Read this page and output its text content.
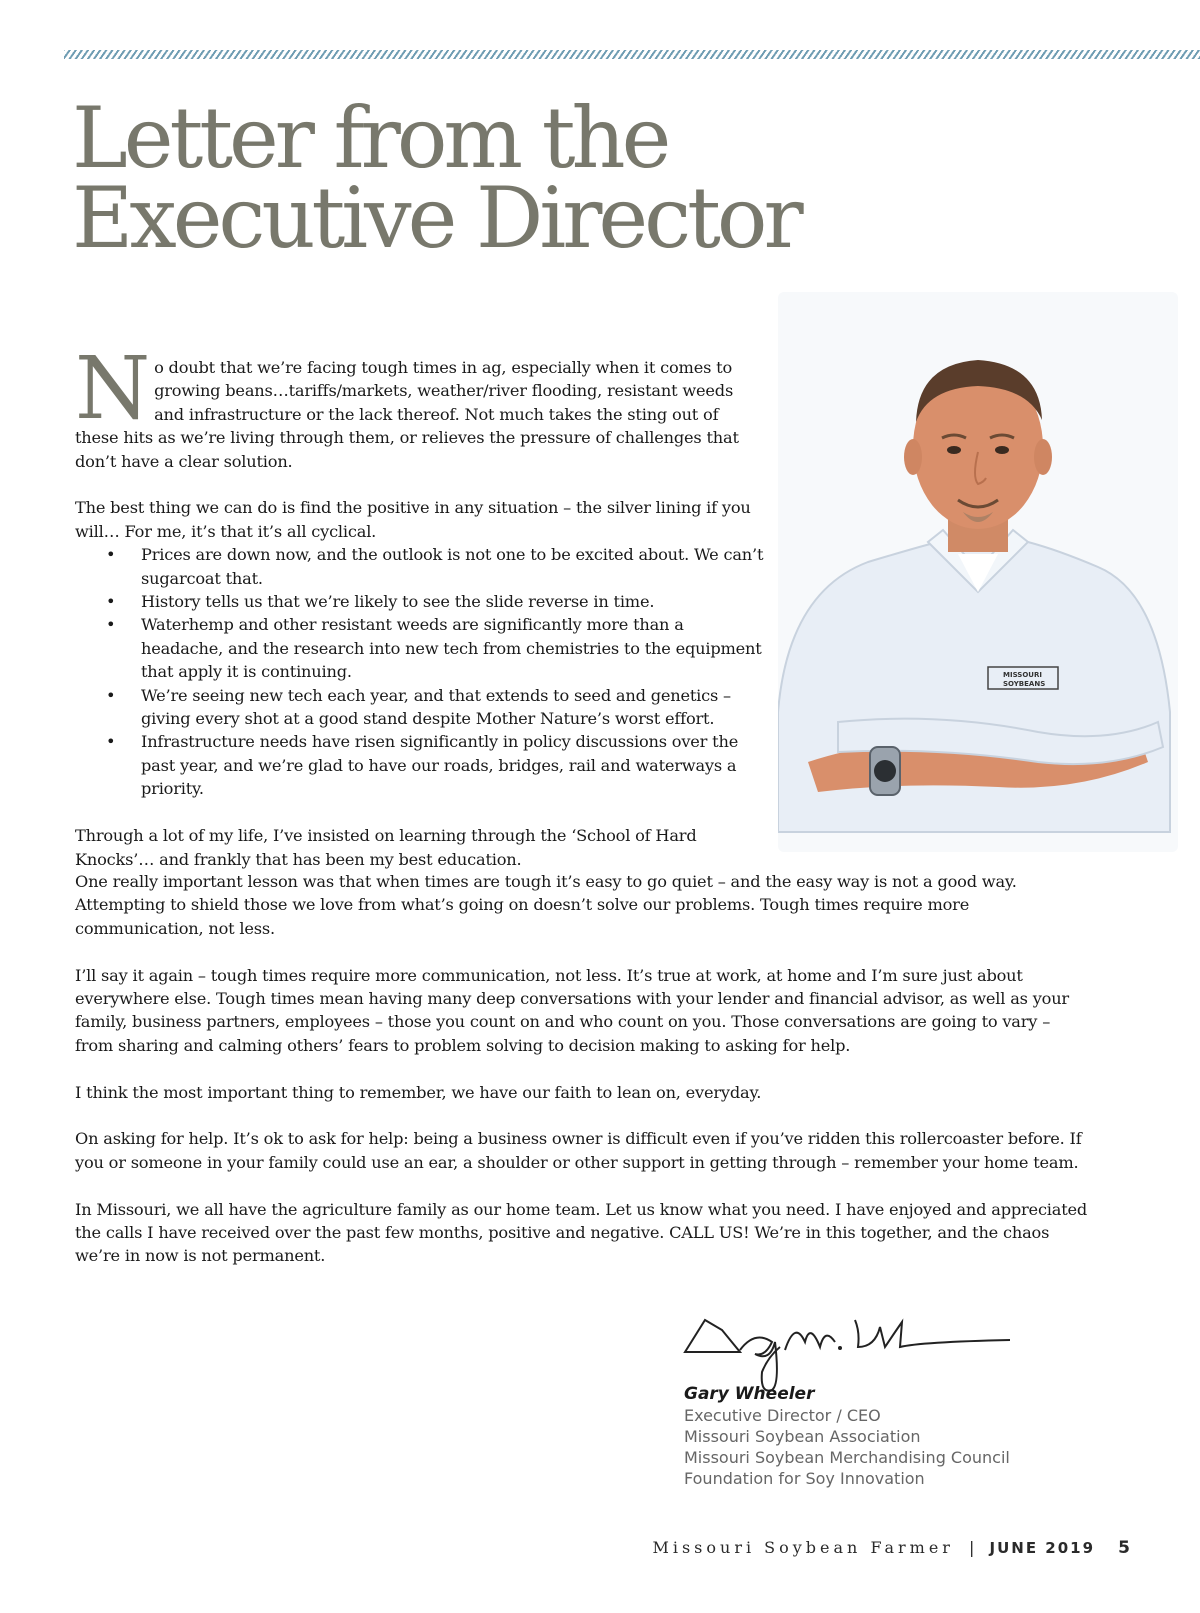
Letter from the
Executive Director
MISSOURI
SOYBEANS

No doubt that we’re facing tough times in ag, especially when it comes to growing beans…tariffs/markets, weather/river flooding, resistant weeds and infrastructure or the lack thereof. Not much takes the sting out of these hits as we’re living through them, or relieves the pressure of challenges that don’t have a clear solution.

The best thing we can do is find the positive in any situation – the silver lining if you will… For me, it’s that it’s all cyclical.

• Prices are down now, and the outlook is not one to be excited about. We can’t sugarcoat that.
• History tells us that we’re likely to see the slide reverse in time.
• Waterhemp and other resistant weeds are significantly more than a headache, and the research into new tech from chemistries to the equipment that apply it is continuing.
• We’re seeing new tech each year, and that extends to seed and genetics – giving every shot at a good stand despite Mother Nature’s worst effort.
• Infrastructure needs have risen significantly in policy discussions over the past year, and we’re glad to have our roads, bridges, rail and waterways a priority.

Through a lot of my life, I’ve insisted on learning through the ‘School of Hard Knocks’… and frankly that has been my best education.

One really important lesson was that when times are tough it’s easy to go quiet – and the easy way is not a good way. Attempting to shield those we love from what’s going on doesn’t solve our problems. Tough times require more communication, not less.

I’ll say it again – tough times require more communication, not less. It’s true at work, at home and I’m sure just about everywhere else. Tough times mean having many deep conversations with your lender and financial advisor, as well as your family, business partners, employees – those you count on and who count on you. Those conversations are going to vary – from sharing and calming others’ fears to problem solving to decision making to asking for help.

I think the most important thing to remember, we have our faith to lean on, everyday.

On asking for help. It’s ok to ask for help: being a business owner is difficult even if you’ve ridden this rollercoaster before. If you or someone in your family could use an ear, a shoulder or other support in getting through – remember your home team.

In Missouri, we all have the agriculture family as our home team. Let us know what you need. I have enjoyed and appreciated the calls I have received over the past few months, positive and negative. CALL US! We’re in this together, and the chaos we’re in now is not permanent.

Gary Wheeler
Executive Director / CEO
Missouri Soybean Association
Missouri Soybean Merchandising Council
Foundation for Soy Innovation
Missouri Soybean Farmer | JUNE 2019 5
